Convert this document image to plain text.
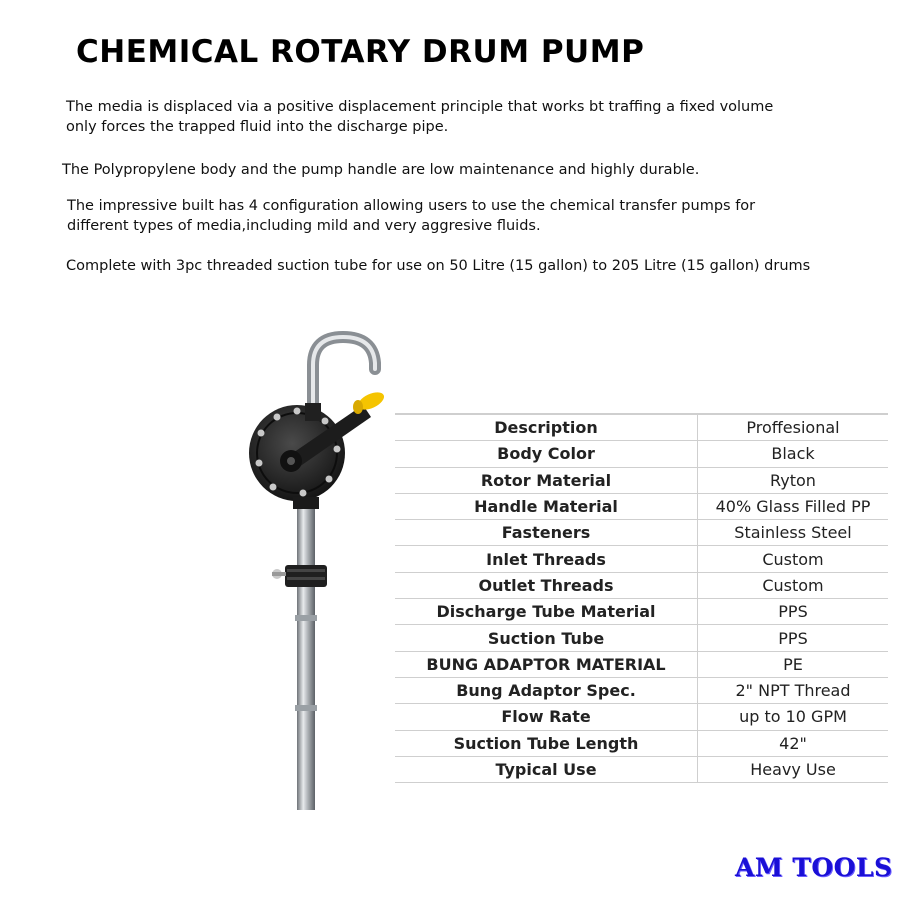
CHEMICAL ROTARY DRUM PUMP
The media is displaced via a positive displacement principle that works bt traffing a fixed volume
only forces the trapped fluid into the discharge pipe.
The Polypropylene body and the pump handle are low maintenance and highly durable.
The impressive built has 4 configuration allowing users to use the chemical transfer pumps for
different types of media,including mild and very aggresive fluids.
Complete with 3pc threaded suction tube for use on 50 Litre (15 gallon) to 205 Litre (15 gallon) drums
Description	Proffesional
Body Color	Black
Rotor Material	Ryton
Handle Material	40% Glass Filled PP
Fasteners	Stainless Steel
Inlet Threads	Custom
Outlet Threads	Custom
Discharge Tube Material	PPS
Suction Tube	PPS
BUNG ADAPTOR MATERIAL	PE
Bung Adaptor Spec.	2" NPT Thread
Flow Rate	up to 10 GPM
Suction Tube Length	42"
Typical Use	Heavy Use
AM TOOLS
